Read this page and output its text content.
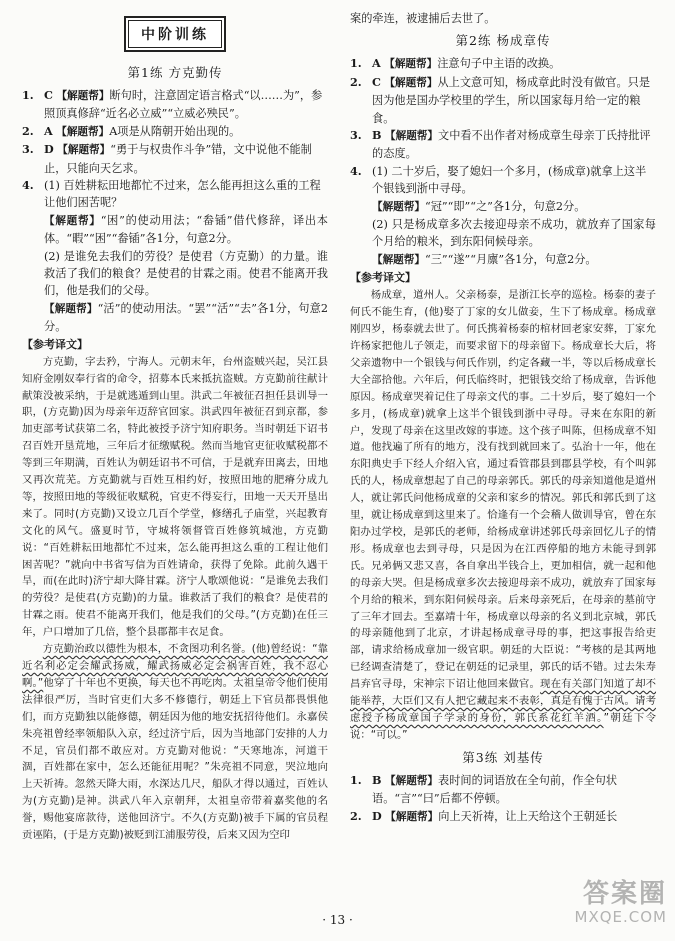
中阶训练
第1练 方克勤传
1. C 【解题帮】断句时，注意固定语言格式“以……为”，参照顶真修辞“近名必立威”“立威必殃民”。
2. A 【解题帮】A项是从隋朝开始出现的。
3. D 【解题帮】“勇于与权贵作斗争”错，文中说他不能制止，只能向天乞求。
4. (1) 百姓耕耘田地都忙不过来，怎么能再担这么重的工程让他们困苦呢？

【解题帮】“困”的使动用法；“畚锸”借代修辞，译出本体。“暇”“困”“畚锸”各1分，句意2分。

(2) 是谁免去我们的劳役？是使君（方克勤）的力量。谁救活了我们的粮食？是使君的甘霖之雨。使君不能离开我们，他是我们的父母。

【解题帮】“活”的使动用法。“罢”“活”“去”各1分，句意2分。

【参考译文】

方克勤，字去矜，宁海人。元朝末年，台州盗贼兴起，吴江县知府金刚奴奉行省的命令，招募本氏来抵抗盗贼。方克勤前往献计献策没被采纳，于是就逃遁到山里。洪武二年被征召担任县训导一职，(方克勤)因为母亲年迈辞官回家。洪武四年被征召到京都，参加吏部考试获第二名，特此被授予济宁知府职务。当时朝廷下诏书召百姓开垦荒地，三年后才征缴赋税。然而当地官吏征收赋税都不等到三年期满，百姓认为朝廷诏书不可信，于是就弃田离去，田地又再次荒芜。方克勤就与百姓互相约好，按照田地的肥瘠分成九等，按照田地的等级征收赋税，官吏不得妄行，田地一天天开垦出来了。同时(方克勤)又设立几百个学堂，修缮孔子庙堂，兴起教育文化的风气。盛夏时节，守城将领督管百姓修筑城池，方克勤说：“百姓耕耘田地都忙不过来，怎么能再担这么重的工程让他们困苦呢？”就向中书省写信为百姓请命，获得了免除。此前久遇干旱，而(在此时)济宁却大降甘霖。济宁人歌颂他说：“是谁免去我们的劳役？是使君(方克勤)的力量。谁救活了我们的粮食？是使君的甘霖之雨。使君不能离开我们，他是我们的父母。”(方克勤)在任三年，户口增加了几倍，整个县郡都丰衣足食。

方克勤治政以德性为根本，不贪图功利名誉。(他)曾经说：“靠近名利必定会耀武扬威，耀武扬威必定会祸害百姓，我不忍心啊。”他穿了十年也不更换，每天也不再吃肉。太祖皇帝令他们使用法律很严厉，当时官吏们大多不修德行，朝廷上下官员都畏惧他们，而方克勤独以能修德，朝廷因为他的地安抚招待他们。永嘉侯朱亮祖曾经率领船队入京，经过济宁后，因为当地部门安排的人力不足，官员们都不敢应对。方克勤对他说：“天寒地冻，河道干涸，百姓都在家中，怎么还能征用呢？”朱亮祖不同意，哭泣地向上天祈祷。忽然天降大雨，水深达几尺，船队才得以通过，百姓认为(方克勤)是神。洪武八年入京朝拜，太祖皇帝带着嘉奖他的名誉，赐他宴席款待，送他回济宁。不久(方克勤)被手下属的官员程贡诬陷，(于是方克勤)被贬到江浦服劳役，后来又因为空印

案的牵连，被逮捕后去世了。

第2练 杨成章传
1. A 【解题帮】注意句子中主语的改换。
2. C 【解题帮】从上文意可知，杨成章此时没有做官。只是因为他是国办学校里的学生，所以国家每月给一定的粮食。
3. B 【解题帮】文中看不出作者对杨成章生母亲丁氏持批评的态度。
4. (1) 二十岁后，娶了媳妇一个多月，(杨成章)就拿上这半个银钱到浙中寻母。

【解题帮】“冠”“即”“之”各1分，句意2分。

(2) 只是杨成章多次去接迎母亲不成功，就放弃了国家每个月给的粮米，到东阳伺候母亲。

【解题帮】“三”“遂”“月廪”各1分，句意2分。

【参考译文】

杨成章，道州人。父亲杨泰，是浙江长亭的巡检。杨泰的妻子何氏不能生育，(他)娶了丁家的女儿做妾，生下了杨成章。杨成章刚四岁，杨泰就去世了。何氏携着杨泰的棺材回老家安葬，丁家允许杨家把他儿子领走，而要求留下的母亲留下。杨成章长大后，将父亲遗物中一个银钱与何氏作别，约定各藏一半，等以后杨成章长大全部拾他。六年后，何氏临终时，把银钱交给了杨成章，告诉他原因。杨成章哭着记住了母亲文代的事。二十岁后，娶了媳妇一个多月，(杨成章)就拿上这半个银钱到浙中寻母。寻来在东阳的新户，发现了母亲在这里改嫁的事迹。这个孩子叫陈，但杨成章不知道。他找遍了所有的地方，没有找到就回来了。弘治十一年，他在东阳典史手下经人介绍入官，通过看管郡县到郡县学校，有个叫郭氏的人，杨成章想起了自己的母亲郭氏。郭氏的母亲知道他是道州人，就让郭氏问他杨成章的父亲和家乡的情况。郭氏和郭氏到了这里，就让杨成章到这里来了。恰逢有一个会稽人做训导官，曾在东阳办过学校，是郭氏的老师，给杨成章讲述郭氏母亲回忆儿子的情形。杨成章也去到寻母，只是因为在江西停船的地方未能寻到郭氏。兄弟俩又悲又喜，各自拿出半钱合上，更加相信，就一起和他的母亲大哭。但是杨成章多次去接迎母亲不成功，就放弃了国家每个月给的粮米，到东阳伺候母亲。后来母亲死后，在母亲的墓前守了三年才回去。至嘉靖十年，杨成章以母亲的名义到北京城，郭氏的母亲随他到了北京，才讲起杨成章寻母的事，把这事报告给吏部，请求给杨成章加一级官职。朝廷的大臣说：“考核的是其两地已经调查清楚了，登记在朝廷的记录里，郭氏的话不错。过去朱寿昌弃官寻母，宋神宗下诏让他回来做官。现在有关部门知道了却不能举荐，大臣们又有人把它藏起来不表彰，真是有愧于古风。请考虑授予杨成章国子学录的身份，郭氏系花红羊酒。”朝廷下令说：“可以。”

第3练 刘基传
1. B 【解题帮】表时间的词语放在全句前，作全句状语。“言”“曰”后都不停顿。
2. D 【解题帮】向上天祈祷，让上天给这个王朝延长
· 13 ·
答案圈
MXQE.COM
